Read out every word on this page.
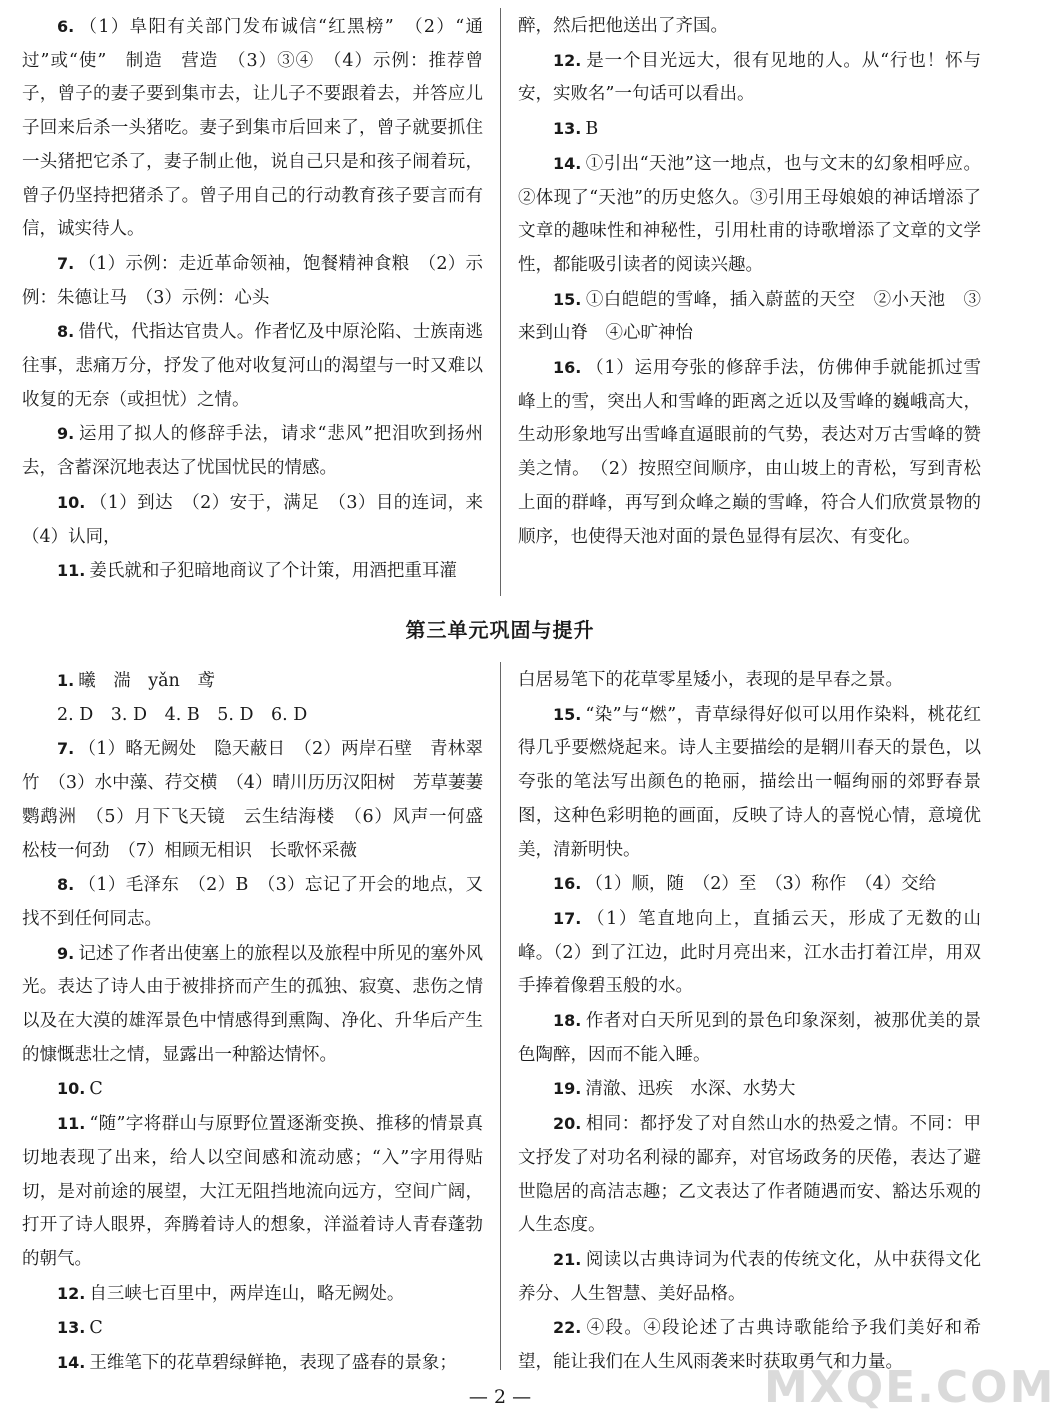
6. （1）阜阳有关部门发布诚信“红黑榜”　（2）“通过”或“使”　制造　营造　（3）③④　（4）示例：推荐曾子，曾子的妻子要到集市去，让儿子不要跟着去，并答应儿子回来后杀一头猪吃。妻子到集市后回来了，曾子就要抓住一头猪把它杀了，妻子制止他，说自己只是和孩子闹着玩，曾子仍坚持把猪杀了。曾子用自己的行动教育孩子要言而有信，诚实待人。

7. （1）示例：走近革命领袖，饱餐精神食粮　（2）示例：朱德让马　（3）示例：心头

8. 借代，代指达官贵人。作者忆及中原沦陷、士族南逃往事，悲痛万分，抒发了他对收复河山的渴望与一时又难以收复的无奈（或担忧）之情。

9. 运用了拟人的修辞手法，请求“悲风”把泪吹到扬州去，含蓄深沉地表达了忧国忧民的情感。

10. （1）到达　（2）安于，满足　（3）目的连词，来（4）认同，

11. 姜氏就和子犯暗地商议了个计策，用酒把重耳灌

醉，然后把他送出了齐国。

12. 是一个目光远大，很有见地的人。从“行也！怀与安，实败名”一句话可以看出。

13. B

14. ①引出“天池”这一地点，也与文末的幻象相呼应。②体现了“天池”的历史悠久。③引用王母娘娘的神话增添了文章的趣味性和神秘性，引用杜甫的诗歌增添了文章的文学性，都能吸引读者的阅读兴趣。

15. ①白皑皑的雪峰，插入蔚蓝的天空　②小天池　③来到山脊　④心旷神怡

16. （1）运用夸张的修辞手法，仿佛伸手就能抓过雪峰上的雪，突出人和雪峰的距离之近以及雪峰的巍峨高大，生动形象地写出雪峰直逼眼前的气势，表达对万古雪峰的赞美之情。　（2）按照空间顺序，由山坡上的青松，写到青松上面的群峰，再写到众峰之巅的雪峰，符合人们欣赏景物的顺序，也使得天池对面的景色显得有层次、有变化。

第三单元巩固与提升

1. 曦　湍　yǎn　鸢

2. D　3. D　4. B　5. D　6. D

7. （1）略无阙处　隐天蔽日　（2）两岸石壁　青林翠竹　（3）水中藻、荇交横　（4）晴川历历汉阳树　芳草萋萋鹦鹉洲　（5）月下飞天镜　云生结海楼　（6）风声一何盛　松枝一何劲　（7）相顾无相识　长歌怀采薇

8. （1）毛泽东　（2）B　（3）忘记了开会的地点，又找不到任何同志。

9. 记述了作者出使塞上的旅程以及旅程中所见的塞外风光。表达了诗人由于被排挤而产生的孤独、寂寞、悲伤之情以及在大漠的雄浑景色中情感得到熏陶、净化、升华后产生的慷慨悲壮之情，显露出一种豁达情怀。

10. C

11. “随”字将群山与原野位置逐渐变换、推移的情景真切地表现了出来，给人以空间感和流动感；“入”字用得贴切，是对前途的展望，大江无阻挡地流向远方，空间广阔，打开了诗人眼界，奔腾着诗人的想象，洋溢着诗人青春蓬勃的朝气。

12. 自三峡七百里中，两岸连山，略无阙处。

13. C

14. 王维笔下的花草碧绿鲜艳，表现了盛春的景象；

白居易笔下的花草零星矮小，表现的是早春之景。

15. “染”与“燃”，青草绿得好似可以用作染料，桃花红得几乎要燃烧起来。诗人主要描绘的是辋川春天的景色，以夸张的笔法写出颜色的艳丽，描绘出一幅绚丽的郊野春景图，这种色彩明艳的画面，反映了诗人的喜悦心情，意境优美，清新明快。

16. （1）顺，随　（2）至　（3）称作　（4）交给

17. （1）笔直地向上，直插云天，形成了无数的山峰。（2）到了江边，此时月亮出来，江水击打着江岸，用双手捧着像碧玉般的水。

18. 作者对白天所见到的景色印象深刻，被那优美的景色陶醉，因而不能入睡。

19. 清澈、迅疾　水深、水势大

20. 相同：都抒发了对自然山水的热爱之情。不同：甲文抒发了对功名利禄的鄙弃，对官场政务的厌倦，表达了避世隐居的高洁志趣；乙文表达了作者随遇而安、豁达乐观的人生态度。

21. 阅读以古典诗词为代表的传统文化，从中获得文化养分、人生智慧、美好品格。

22. ④段。④段论述了古典诗歌能给予我们美好和希望，能让我们在人生风雨袭来时获取勇气和力量。

— 2 —	MXQE.COM
